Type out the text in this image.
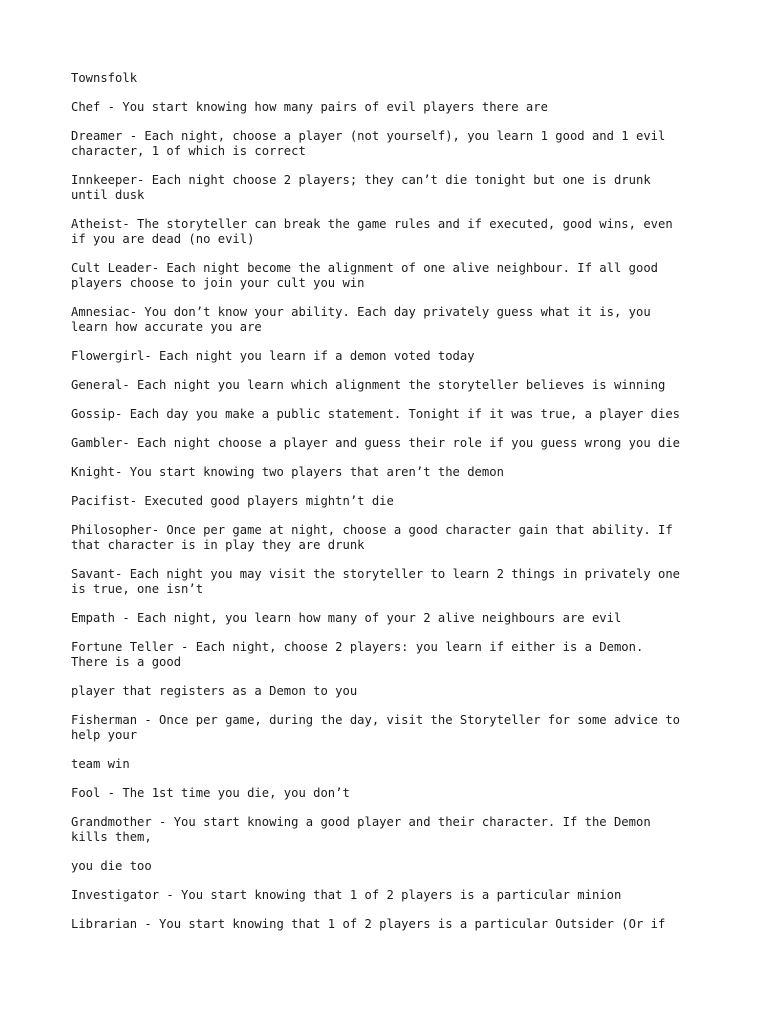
Townsfolk
Chef - You start knowing how many pairs of evil players there are
Dreamer - Each night, choose a player (not yourself), you learn 1 good and 1 evil
character, 1 of which is correct
Innkeeper- Each night choose 2 players; they can’t die tonight but one is drunk
until dusk
Atheist- The storyteller can break the game rules and if executed, good wins, even
if you are dead (no evil)
Cult Leader- Each night become the alignment of one alive neighbour. If all good
players choose to join your cult you win
Amnesiac- You don’t know your ability. Each day privately guess what it is, you
learn how accurate you are
Flowergirl- Each night you learn if a demon voted today
General- Each night you learn which alignment the storyteller believes is winning
Gossip- Each day you make a public statement. Tonight if it was true, a player dies
Gambler- Each night choose a player and guess their role if you guess wrong you die
Knight- You start knowing two players that aren’t the demon
Pacifist- Executed good players mightn’t die
Philosopher- Once per game at night, choose a good character gain that ability. If
that character is in play they are drunk
Savant- Each night you may visit the storyteller to learn 2 things in privately one
is true, one isn’t
Empath - Each night, you learn how many of your 2 alive neighbours are evil
Fortune Teller - Each night, choose 2 players: you learn if either is a Demon.
There is a good
player that registers as a Demon to you
Fisherman - Once per game, during the day, visit the Storyteller for some advice to
help your
team win
Fool - The 1st time you die, you don’t
Grandmother - You start knowing a good player and their character. If the Demon
kills them,
you die too
Investigator - You start knowing that 1 of 2 players is a particular minion
Librarian - You start knowing that 1 of 2 players is a particular Outsider (Or if
